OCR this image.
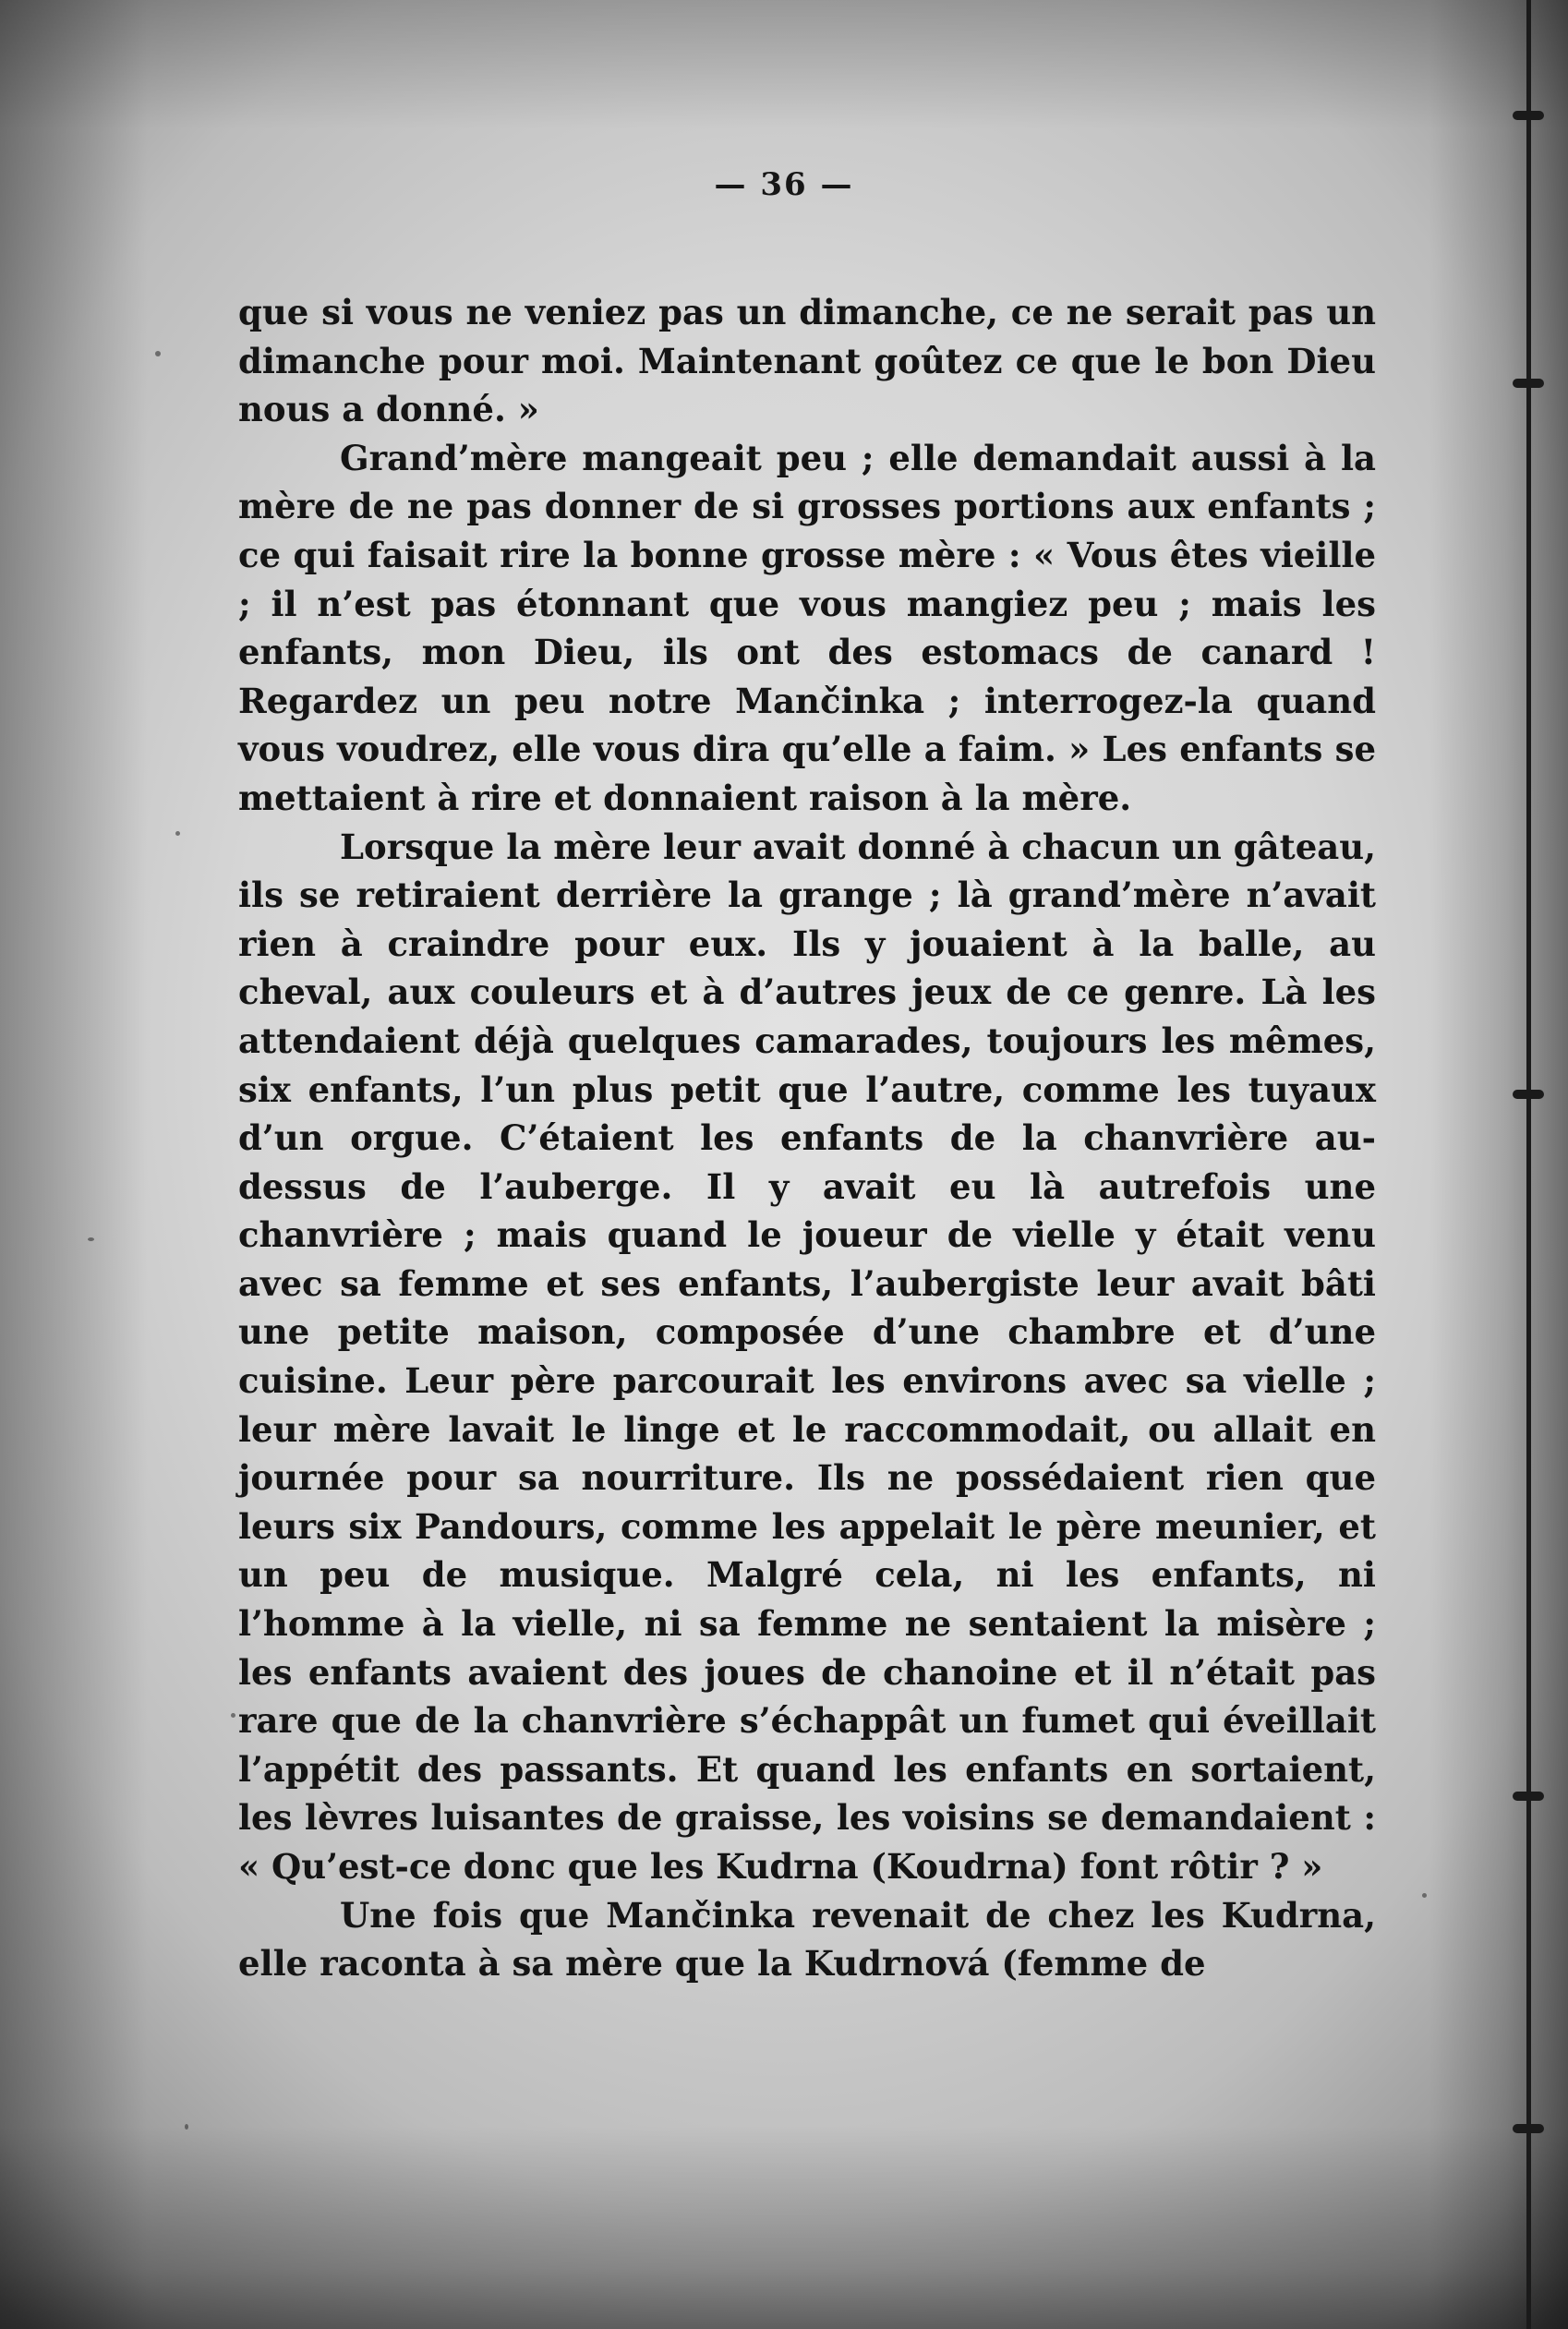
— 36 —

que si vous ne veniez pas un dimanche, ce ne serait pas un dimanche pour moi. Maintenant goûtez ce que le bon Dieu nous a donné. »

Grand’mère mangeait peu ; elle demandait aussi à la mère de ne pas donner de si grosses portions aux enfants ; ce qui faisait rire la bonne grosse mère : « Vous êtes vieille ; il n’est pas étonnant que vous mangiez peu ; mais les enfants, mon Dieu, ils ont des estomacs de canard ! Regardez un peu notre Mančinka ; interrogez-la quand vous voudrez, elle vous dira qu’elle a faim. » Les enfants se mettaient à rire et donnaient raison à la mère.

Lorsque la mère leur avait donné à chacun un gâteau, ils se retiraient derrière la grange ; là grand’mère n’avait rien à craindre pour eux. Ils y jouaient à la balle, au cheval, aux couleurs et à d’autres jeux de ce genre. Là les attendaient déjà quelques camarades, toujours les mêmes, six enfants, l’un plus petit que l’autre, comme les tuyaux d’un orgue. C’étaient les enfants de la chanvrière au-dessus de l’auberge. Il y avait eu là autrefois une chanvrière ; mais quand le joueur de vielle y était venu avec sa femme et ses enfants, l’aubergiste leur avait bâti une petite maison, composée d’une chambre et d’une cuisine. Leur père parcourait les environs avec sa vielle ; leur mère lavait le linge et le raccommodait, ou allait en journée pour sa nourriture. Ils ne possédaient rien que leurs six Pandours, comme les appelait le père meunier, et un peu de musique. Malgré cela, ni les enfants, ni l’homme à la vielle, ni sa femme ne sentaient la misère ; les enfants avaient des joues de chanoine et il n’était pas rare que de la chanvrière s’échappât un fumet qui éveillait l’appétit des passants. Et quand les enfants en sortaient, les lèvres luisantes de graisse, les voisins se demandaient : « Qu’est-ce donc que les Kudrna (Koudrna) font rôtir ? »

Une fois que Mančinka revenait de chez les Kudrna, elle raconta à sa mère que la Kudrnová (femme de
